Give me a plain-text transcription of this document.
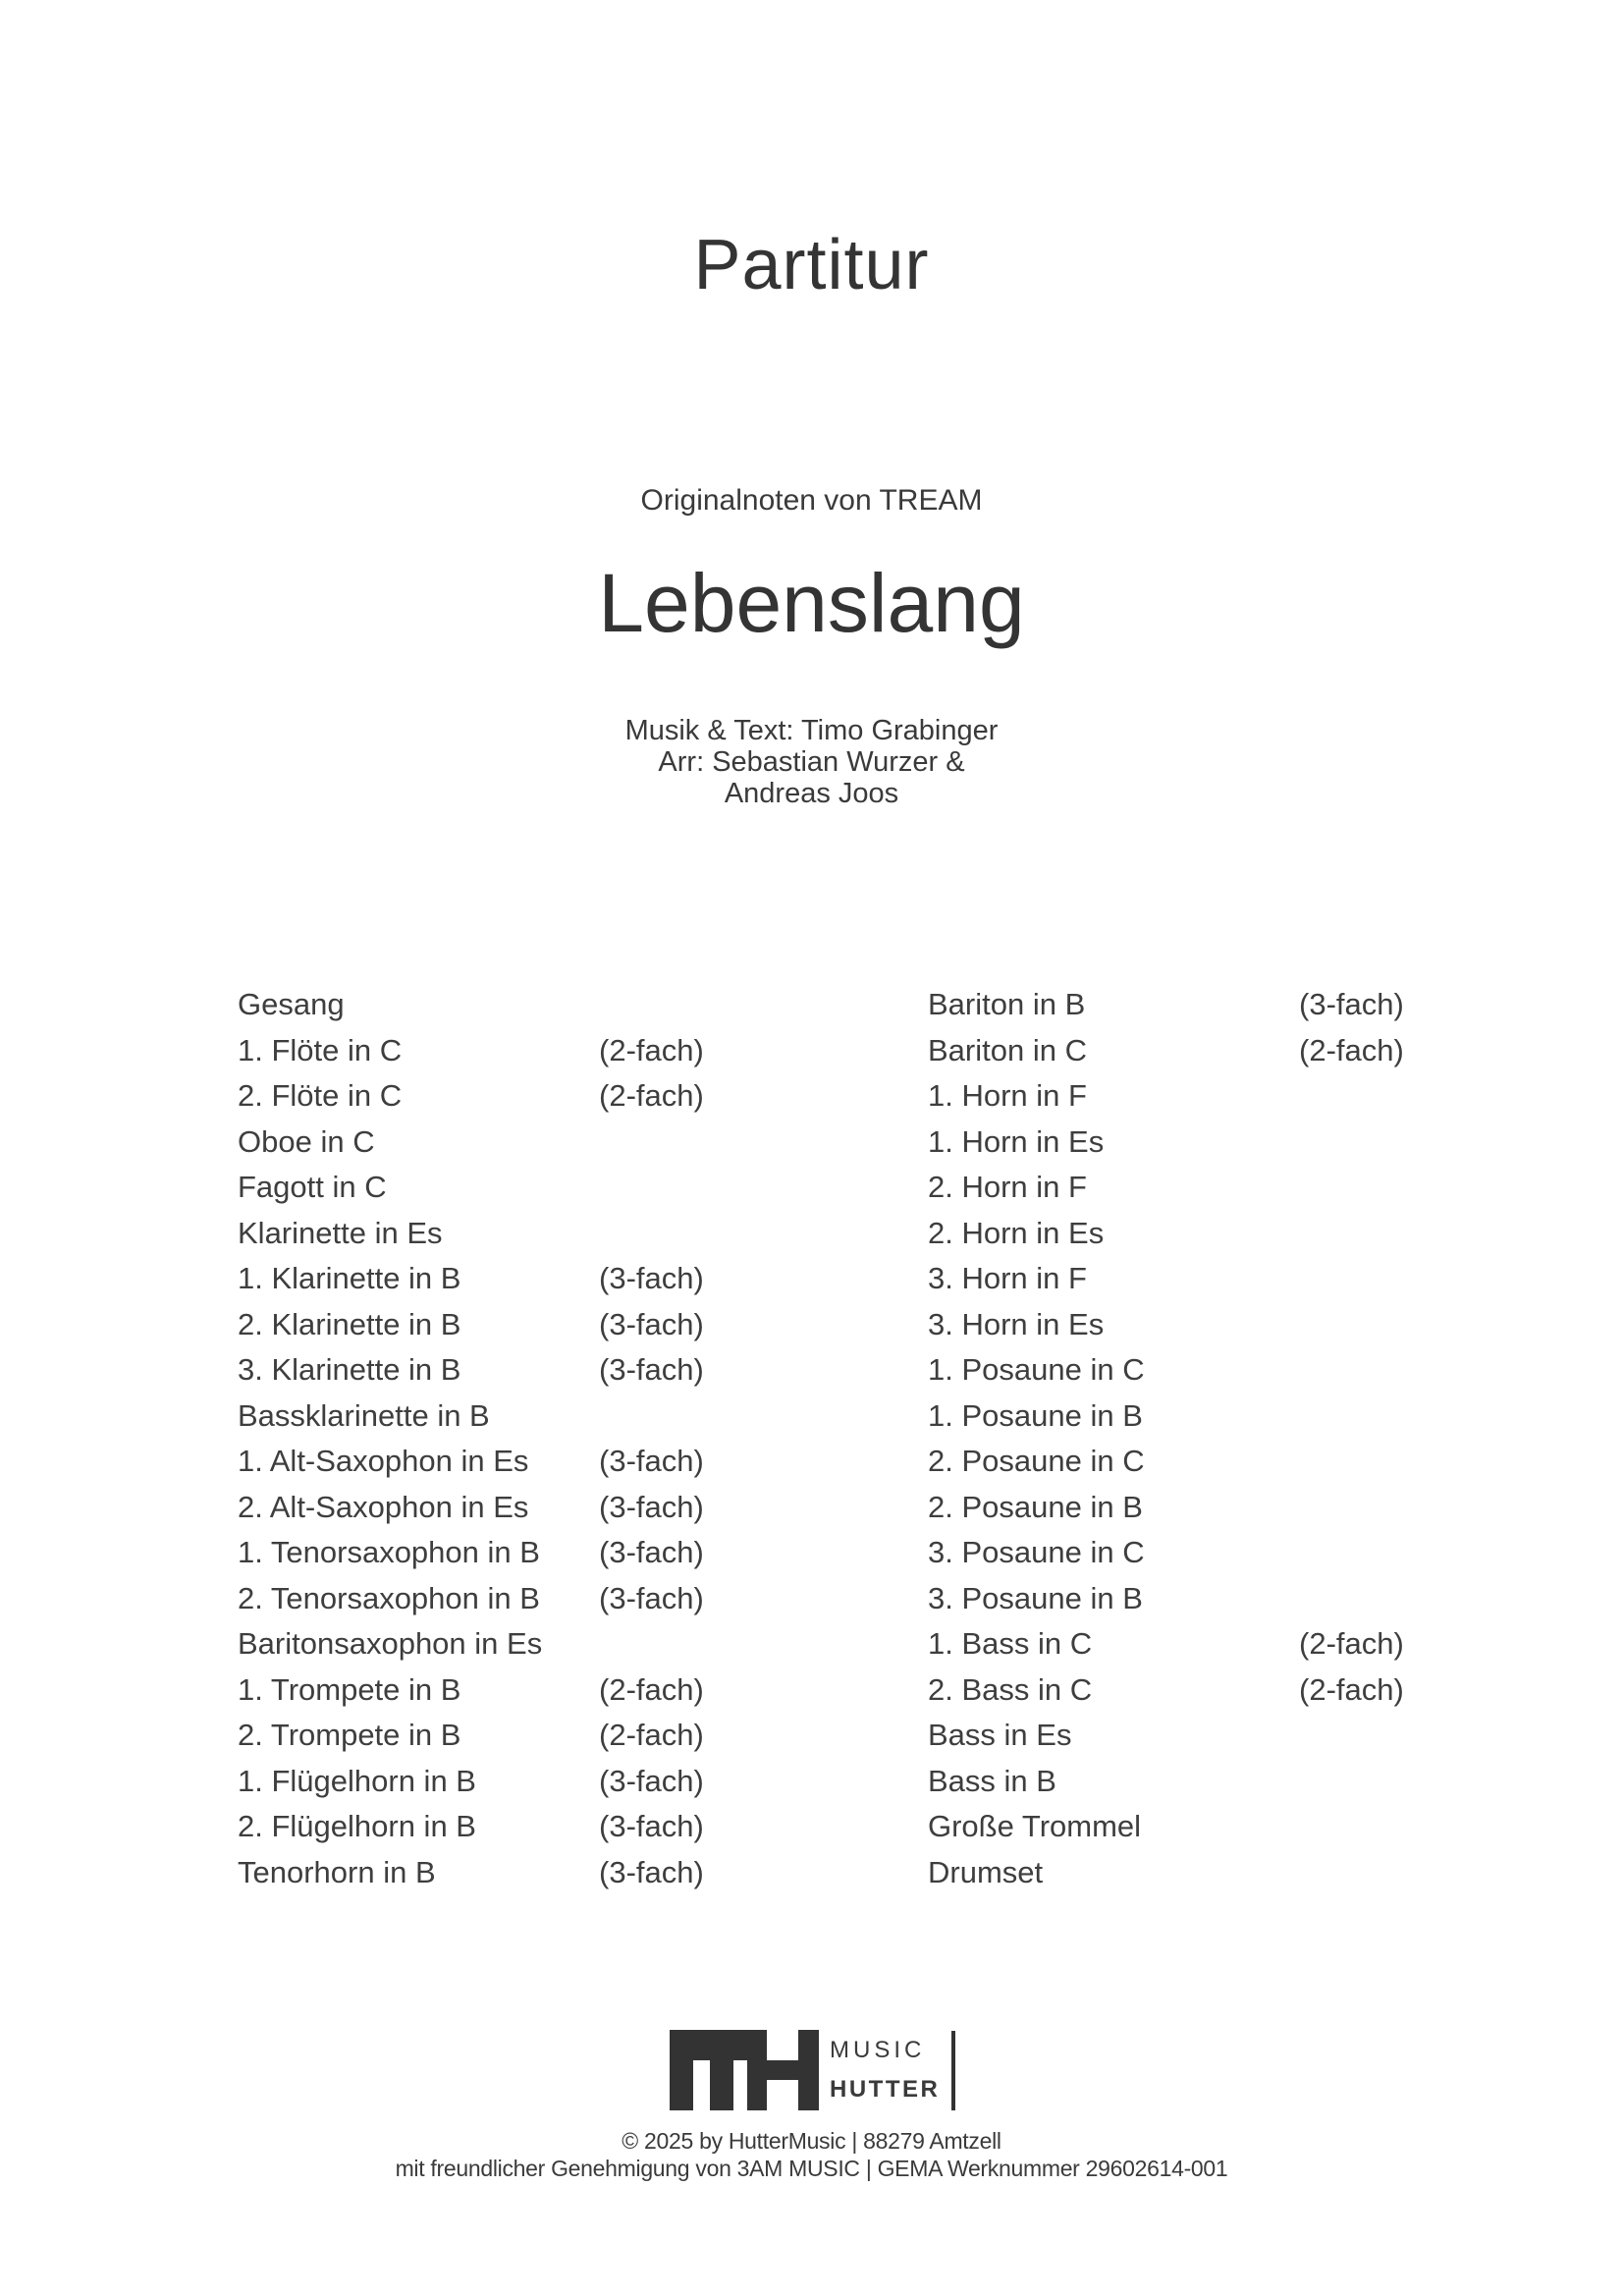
Partitur
Originalnoten von TREAM
Lebenslang
Musik & Text: Timo Grabinger
Arr: Sebastian Wurzer &
Andreas Joos
Gesang
1. Flöte in C	(2-fach)
2. Flöte in C	(2-fach)
Oboe in C
Fagott in C
Klarinette in Es
1. Klarinette in B	(3-fach)
2. Klarinette in B	(3-fach)
3. Klarinette in B	(3-fach)
Bassklarinette in B
1. Alt-Saxophon in Es (3-fach)
2. Alt-Saxophon in Es (3-fach)
1. Tenorsaxophon in B (3-fach)
2. Tenorsaxophon in B (3-fach)
Baritonsaxophon in Es
1. Trompete in B	(2-fach)
2. Trompete in B	(2-fach)
1. Flügelhorn in B	(3-fach)
2. Flügelhorn in B	(3-fach)
Tenorhorn in B	(3-fach)
Bariton in B	(3-fach)
Bariton in C	(2-fach)
1. Horn in F
1. Horn in Es
2. Horn in F
2. Horn in Es
3. Horn in F
3. Horn in Es
1. Posaune in C
1. Posaune in B
2. Posaune in C
2. Posaune in B
3. Posaune in C
3. Posaune in B
1. Bass in C	(2-fach)
2. Bass in C	(2-fach)
Bass in Es
Bass in B
Große Trommel
Drumset
MUSIC
HUTTER
© 2025 by HutterMusic | 88279 Amtzell
mit freundlicher Genehmigung von 3AM MUSIC | GEMA Werknummer 29602614-001
